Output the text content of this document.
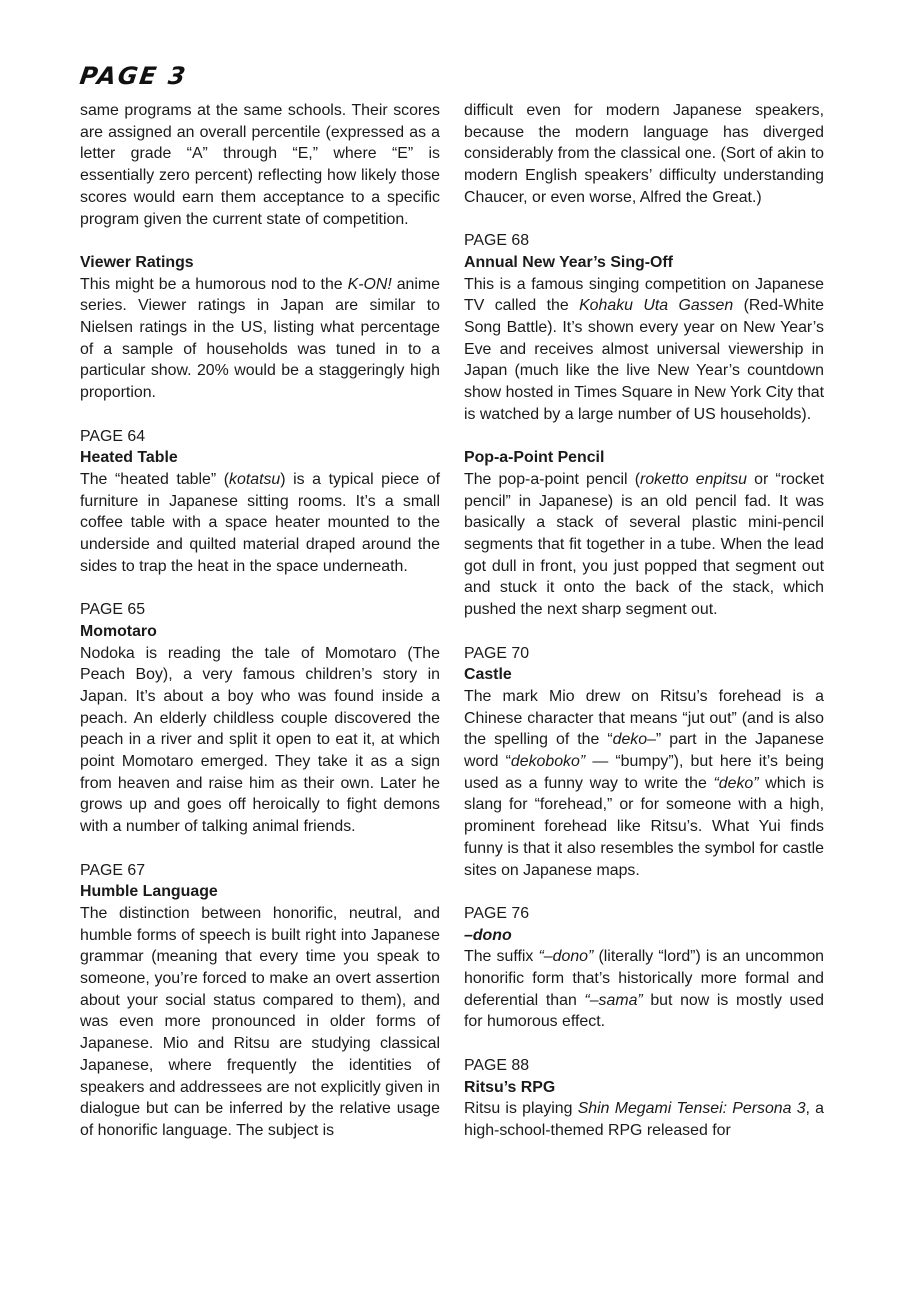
PAGE 3

same programs at the same schools. Their scores are assigned an overall percentile (expressed as a letter grade “A” through “E,” where “E” is essentially zero percent) reflecting how likely those scores would earn them acceptance to a specific program given the current state of competition.

Viewer Ratings

This might be a humorous nod to the K-ON! anime series. Viewer ratings in Japan are similar to Nielsen ratings in the US, listing what percentage of a sample of households was tuned in to a particular show. 20% would be a staggeringly high proportion.

PAGE 64
Heated Table

The “heated table” (kotatsu) is a typical piece of furniture in Japanese sitting rooms. It’s a small coffee table with a space heater mounted to the underside and quilted material draped around the sides to trap the heat in the space underneath.

PAGE 65
Momotaro

Nodoka is reading the tale of Momotaro (The Peach Boy), a very famous children’s story in Japan. It’s about a boy who was found inside a peach. An elderly childless couple discovered the peach in a river and split it open to eat it, at which point Momotaro emerged. They take it as a sign from heaven and raise him as their own. Later he grows up and goes off heroically to fight demons with a number of talking animal friends.

PAGE 67
Humble Language

The distinction between honorific, neutral, and humble forms of speech is built right into Japanese grammar (meaning that every time you speak to someone, you’re forced to make an overt assertion about your social status compared to them), and was even more pronounced in older forms of Japanese. Mio and Ritsu are studying classical Japanese, where frequently the identities of speakers and addressees are not explicitly given in dialogue but can be inferred by the relative usage of honorific language. The subject is

difficult even for modern Japanese speakers, because the modern language has diverged considerably from the classical one. (Sort of akin to modern English speakers’ difficulty understanding Chaucer, or even worse, Alfred the Great.)

PAGE 68
Annual New Year’s Sing-Off

This is a famous singing competition on Japanese TV called the Kohaku Uta Gassen (Red-White Song Battle). It’s shown every year on New Year’s Eve and receives almost universal viewership in Japan (much like the live New Year’s countdown show hosted in Times Square in New York City that is watched by a large number of US households).

Pop-a-Point Pencil

The pop-a-point pencil (roketto enpitsu or “rocket pencil” in Japanese) is an old pencil fad. It was basically a stack of several plastic mini-pencil segments that fit together in a tube. When the lead got dull in front, you just popped that segment out and stuck it onto the back of the stack, which pushed the next sharp segment out.

PAGE 70
Castle

The mark Mio drew on Ritsu’s forehead is a Chinese character that means “jut out” (and is also the spelling of the “deko–” part in the Japanese word “dekoboko” — “bumpy”), but here it’s being used as a funny way to write the “deko” which is slang for “forehead,” or for someone with a high, prominent forehead like Ritsu’s. What Yui finds funny is that it also resembles the symbol for castle sites on Japanese maps.

PAGE 76
–dono

The suffix “–dono” (literally “lord”) is an uncommon honorific form that’s historically more formal and deferential than “–sama” but now is mostly used for humorous effect.

PAGE 88
Ritsu’s RPG

Ritsu is playing Shin Megami Tensei: Persona 3, a high-school-themed RPG released for
